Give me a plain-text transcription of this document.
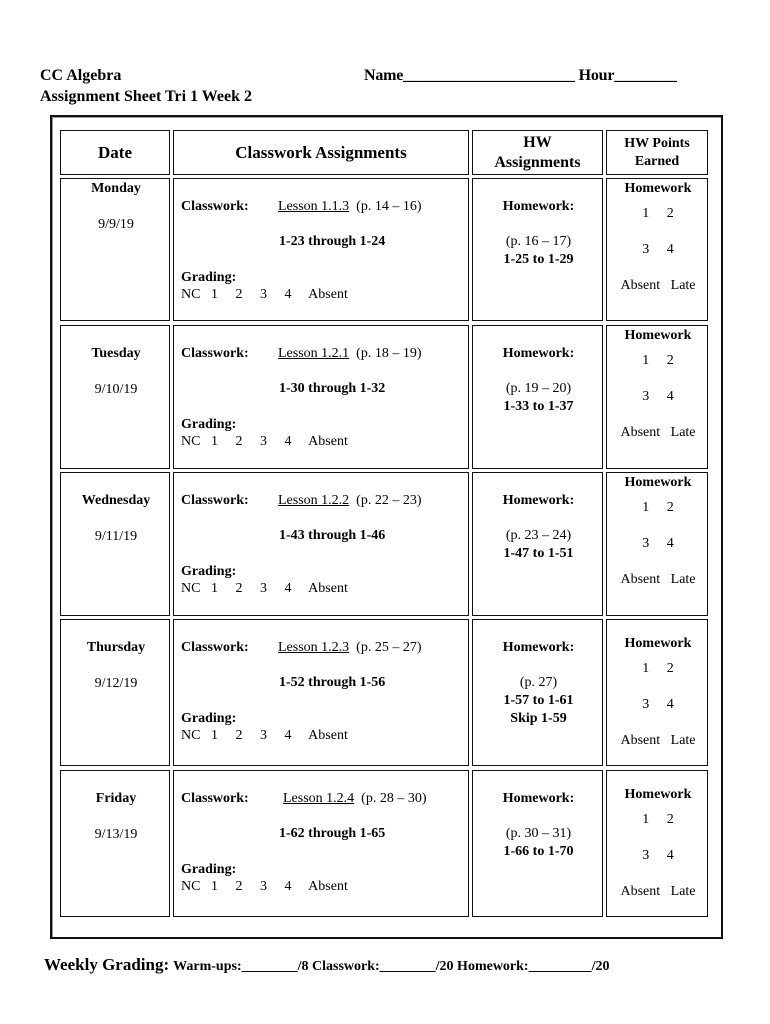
CC Algebra
Assignment Sheet Tri 1 Week 2
Name______________________ Hour________
Date	Classwork Assignments
HW
Assignments
HW Points
Earned
Monday
9/9/19
Classwork: Lesson 1.1.3 (p. 14 – 16)
1-23 through 1-24
Grading:
NC   1     2     3     4     Absent
Homework:
(p. 16 – 17)
1-25 to 1-29
Homework
1     2
3     4
Absent   Late
Tuesday
9/10/19
Classwork: Lesson 1.2.1 (p. 18 – 19)
1-30 through 1-32
Grading:
NC   1     2     3     4     Absent
Homework:
(p. 19 – 20)
1-33 to 1-37
Homework
1     2
3     4
Absent   Late
Wednesday
9/11/19
Classwork: Lesson 1.2.2 (p. 22 – 23)
1-43 through 1-46
Grading:
NC   1     2     3     4     Absent
Homework:
(p. 23 – 24)
1-47 to 1-51
Homework
1     2
3     4
Absent   Late
Thursday
9/12/19
Classwork: Lesson 1.2.3 (p. 25 – 27)
1-52 through 1-56
Grading:
NC   1     2     3     4     Absent
Homework:
(p. 27)
1-57 to 1-61
Skip 1-59
Homework
1     2
3     4
Absent   Late
Friday
9/13/19
Classwork: Lesson 1.2.4 (p. 28 – 30)
1-62 through 1-65
Grading:
NC   1     2     3     4     Absent
Homework:
(p. 30 – 31)
1-66 to 1-70
Homework
1     2
3     4
Absent   Late
Weekly Grading: Warm-ups:________/8 Classwork:________/20 Homework:_________/20
